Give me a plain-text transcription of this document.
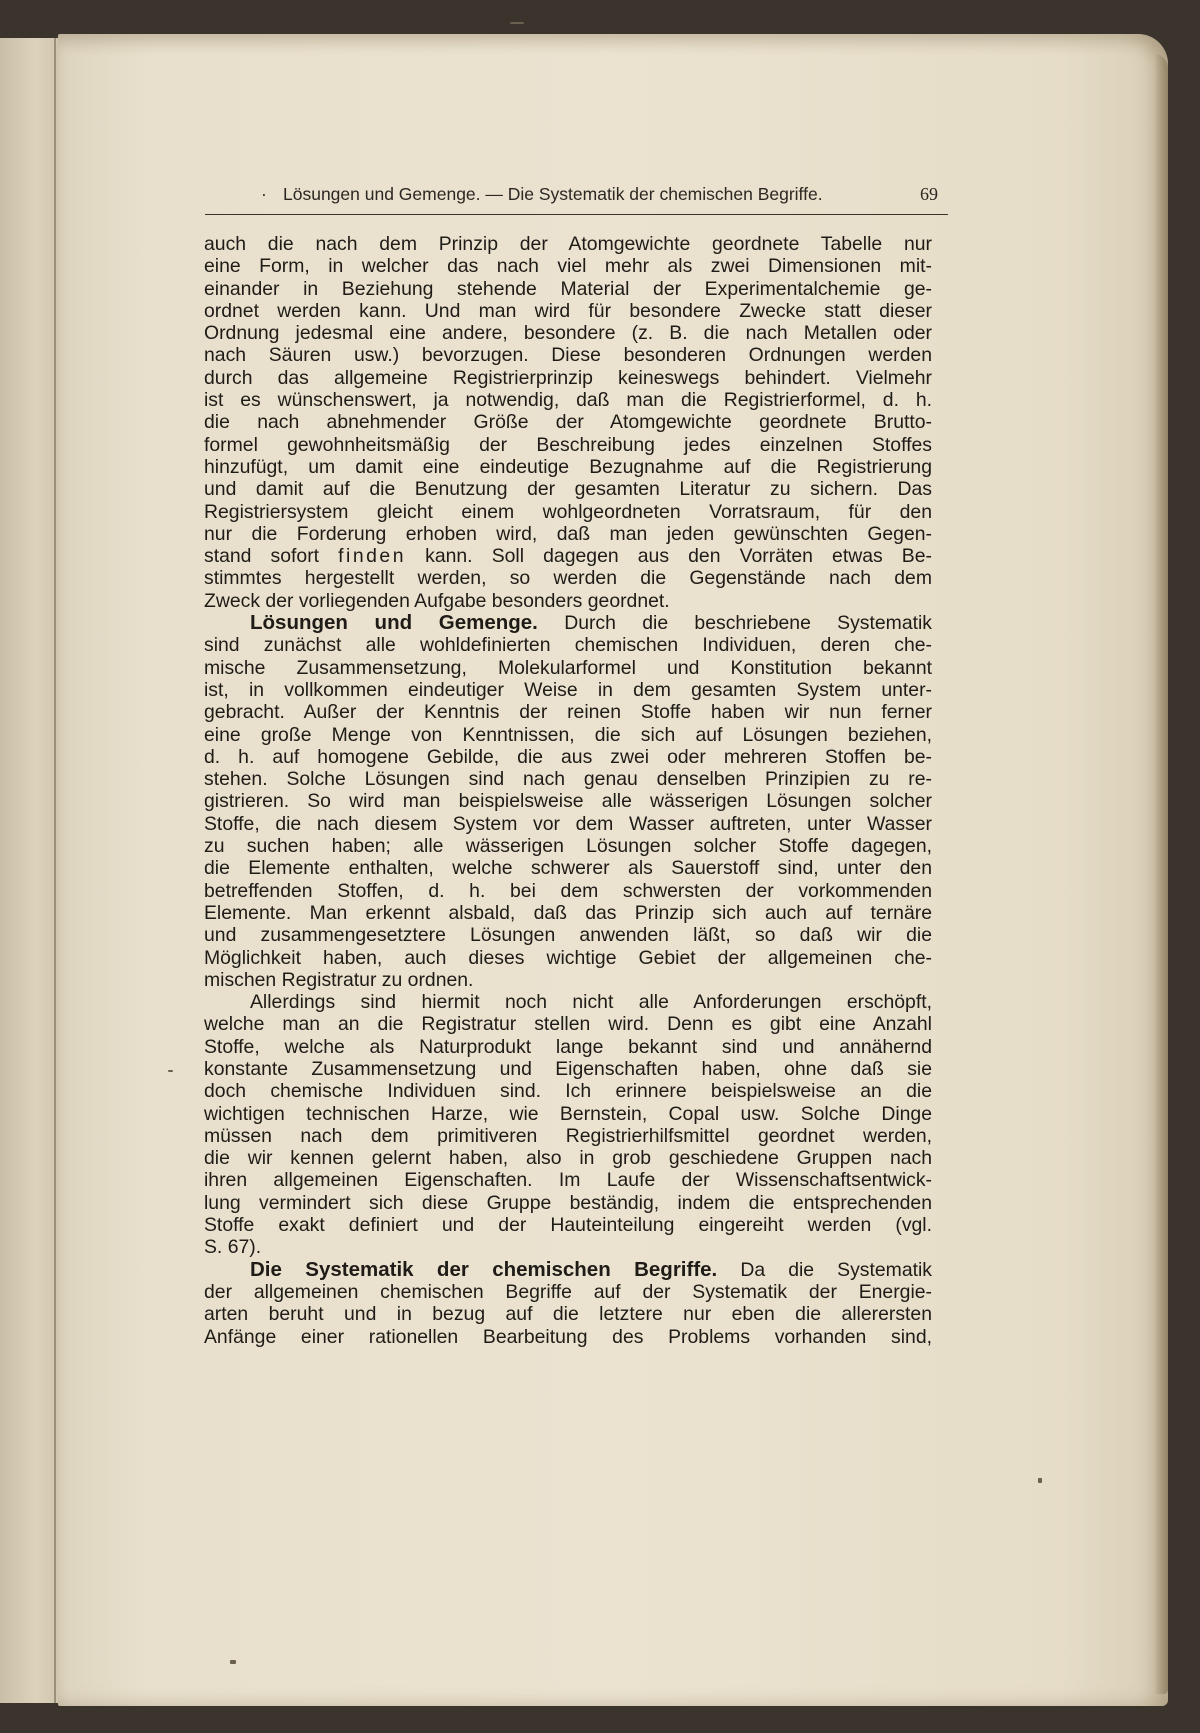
· Lösungen und Gemenge. — Die Systematik der chemischen Begriffe.	69
auch die nach dem Prinzip der Atomgewichte geordnete Tabelle nur
eine Form, in welcher das nach viel mehr als zwei Dimensionen mit-
einander in Beziehung stehende Material der Experimentalchemie ge-
ordnet werden kann. Und man wird für besondere Zwecke statt dieser
Ordnung jedesmal eine andere, besondere (z. B. die nach Metallen oder
nach Säuren usw.) bevorzugen. Diese besonderen Ordnungen werden
durch das allgemeine Registrierprinzip keineswegs behindert. Vielmehr
ist es wünschenswert, ja notwendig, daß man die Registrierformel, d. h.
die nach abnehmender Größe der Atomgewichte geordnete Brutto-
formel gewohnheitsmäßig der Beschreibung jedes einzelnen Stoffes
hinzufügt, um damit eine eindeutige Bezugnahme auf die Registrierung
und damit auf die Benutzung der gesamten Literatur zu sichern. Das
Registriersystem gleicht einem wohlgeordneten Vorratsraum, für den
nur die Forderung erhoben wird, daß man jeden gewünschten Gegen-
stand sofort finden kann. Soll dagegen aus den Vorräten etwas Be-
stimmtes hergestellt werden, so werden die Gegenstände nach dem
Zweck der vorliegenden Aufgabe besonders geordnet.
Lösungen und Gemenge. Durch die beschriebene Systematik
sind zunächst alle wohldefinierten chemischen Individuen, deren che-
mische Zusammensetzung, Molekularformel und Konstitution bekannt
ist, in vollkommen eindeutiger Weise in dem gesamten System unter-
gebracht. Außer der Kenntnis der reinen Stoffe haben wir nun ferner
eine große Menge von Kenntnissen, die sich auf Lösungen beziehen,
d. h. auf homogene Gebilde, die aus zwei oder mehreren Stoffen be-
stehen. Solche Lösungen sind nach genau denselben Prinzipien zu re-
gistrieren. So wird man beispielsweise alle wässerigen Lösungen solcher
Stoffe, die nach diesem System vor dem Wasser auftreten, unter Wasser
zu suchen haben; alle wässerigen Lösungen solcher Stoffe dagegen,
die Elemente enthalten, welche schwerer als Sauerstoff sind, unter den
betreffenden Stoffen, d. h. bei dem schwersten der vorkommenden
Elemente. Man erkennt alsbald, daß das Prinzip sich auch auf ternäre
und zusammengesetztere Lösungen anwenden läßt, so daß wir die
Möglichkeit haben, auch dieses wichtige Gebiet der allgemeinen che-
mischen Registratur zu ordnen.
Allerdings sind hiermit noch nicht alle Anforderungen erschöpft,
welche man an die Registratur stellen wird. Denn es gibt eine Anzahl
Stoffe, welche als Naturprodukt lange bekannt sind und annähernd
konstante Zusammensetzung und Eigenschaften haben, ohne daß sie
doch chemische Individuen sind. Ich erinnere beispielsweise an die
wichtigen technischen Harze, wie Bernstein, Copal usw. Solche Dinge
müssen nach dem primitiveren Registrierhilfsmittel geordnet werden,
die wir kennen gelernt haben, also in grob geschiedene Gruppen nach
ihren allgemeinen Eigenschaften. Im Laufe der Wissenschaftsentwick-
lung vermindert sich diese Gruppe beständig, indem die entsprechenden
Stoffe exakt definiert und der Hauteinteilung eingereiht werden (vgl.
S. 67).
Die Systematik der chemischen Begriffe. Da die Systematik
der allgemeinen chemischen Begriffe auf der Systematik der Energie-
arten beruht und in bezug auf die letztere nur eben die allerersten
Anfänge einer rationellen Bearbeitung des Problems vorhanden sind,
